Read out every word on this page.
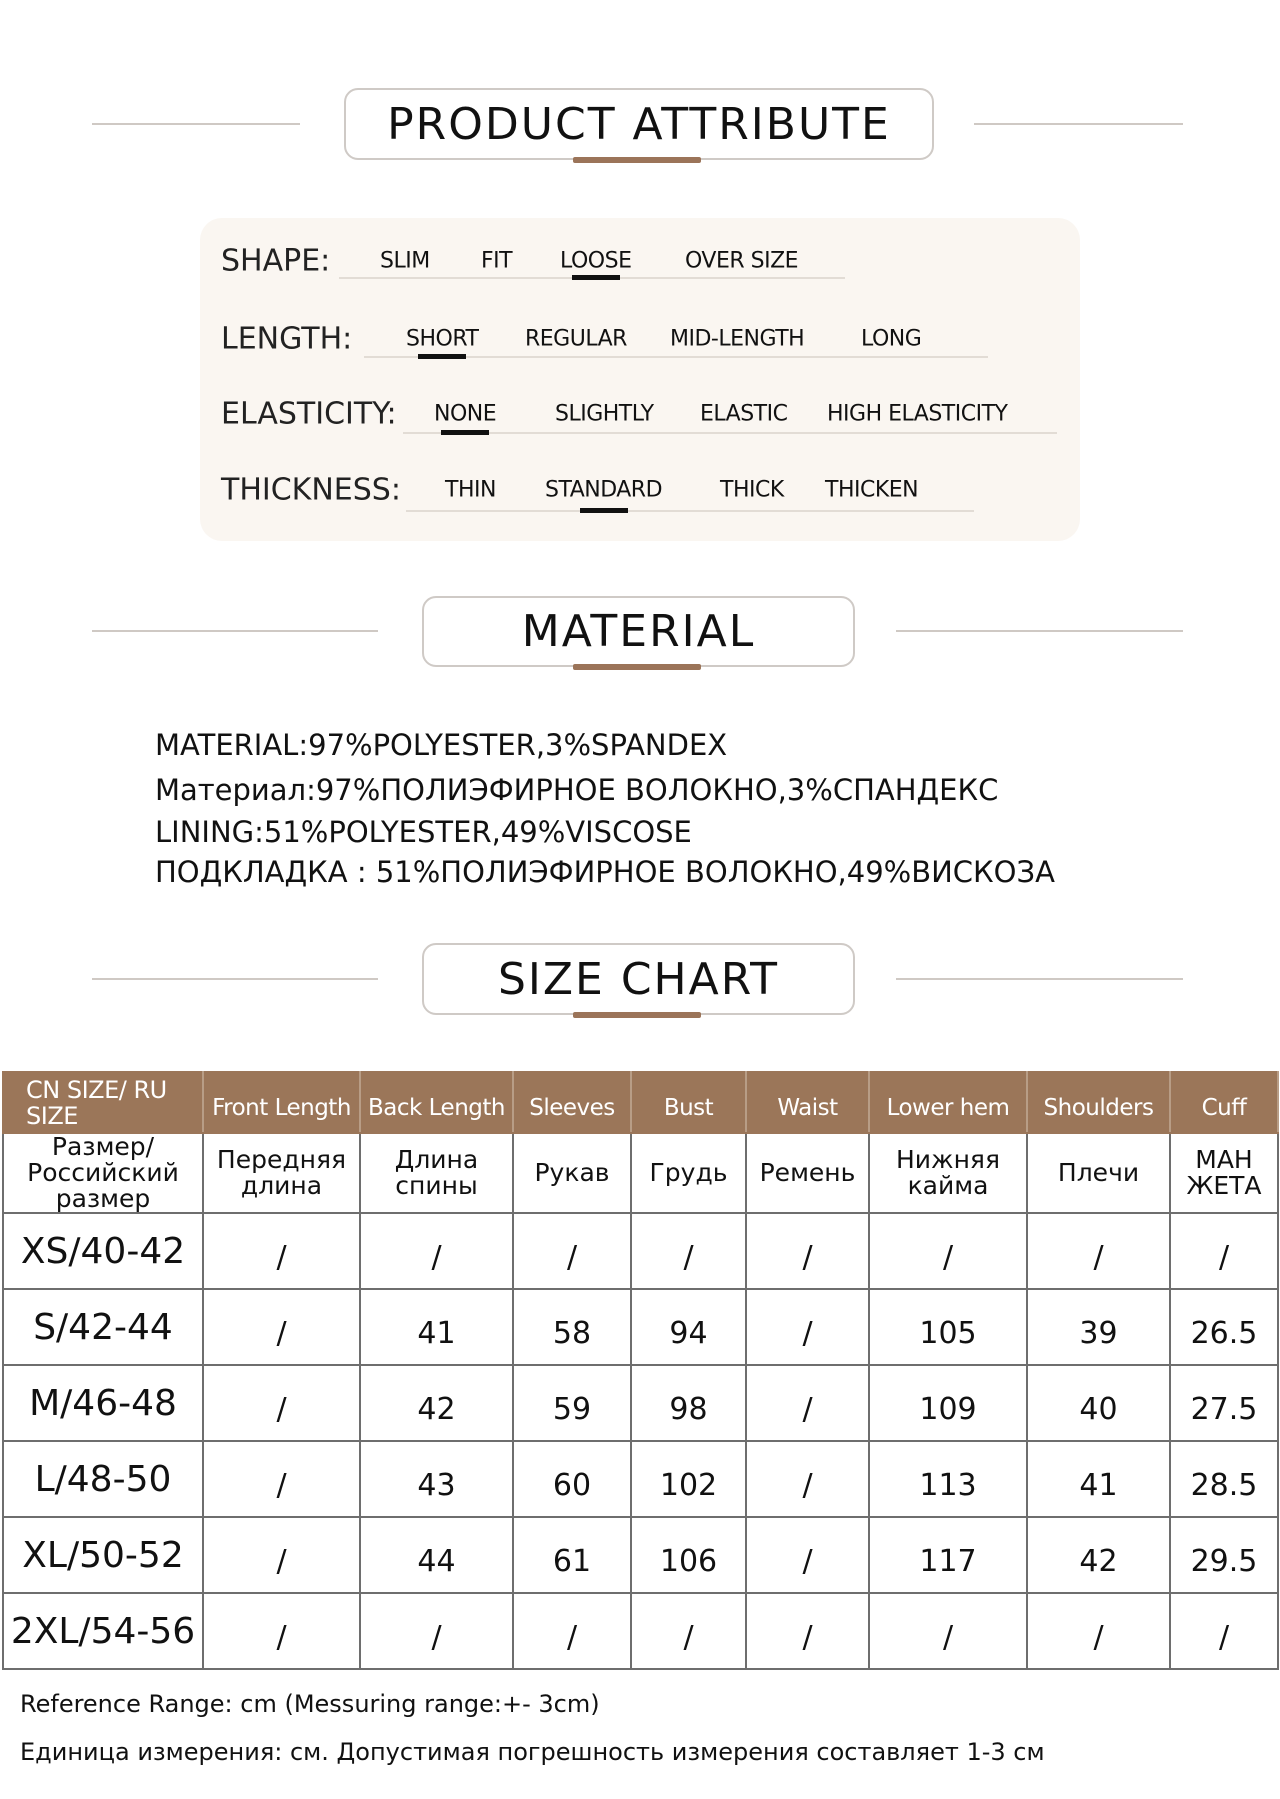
PRODUCT ATTRIBUTE
SHAPE: SLIM FIT LOOSE OVER SIZE
LENGTH: SHORT REGULAR MID-LENGTH	LONG
ELASTICITY: NONE	SLIGHTLY ELASTIC HIGH ELASTICITY
THICKNESS: THIN STANDARD	THICK THICKEN
MATERIAL
MATERIAL:97%POLYESTER,3%SPANDEX
Материал:97%ПОЛИЭФИРНОЕ ВОЛОКНО,3%СПАНДЕКС
LINING:51%POLYESTER,49%VISCOSE
ПОДКЛАДКА : 51%ПОЛИЭФИРНОЕ ВОЛОКНО,49%ВИСКОЗА
SIZE CHART
CN SIZE/ RU SIZE	Front Length	Back Length	Sleeves	Bust	Waist	Lower hem	Shoulders	Cuff
Размер/ Российский размер	Передняя длина	Длина спины	Рукав	Грудь	Ремень	Нижняя кайма	Плечи	МАН ЖЕТА
XS/40-42	/	/	/	/	/	/	/	/
S/42-44	/	41	58	94	/	105	39	26.5
M/46-48	/	42	59	98	/	109	40	27.5
L/48-50	/	43	60	102	/	113	41	28.5
XL/50-52	/	44	61	106	/	117	42	29.5
2XL/54-56	/	/	/	/	/	/	/	/
Reference Range: cm (Messuring range:+- 3cm)
Единица измерения: см. Допустимая погрешность измерения составляет 1-3 см
